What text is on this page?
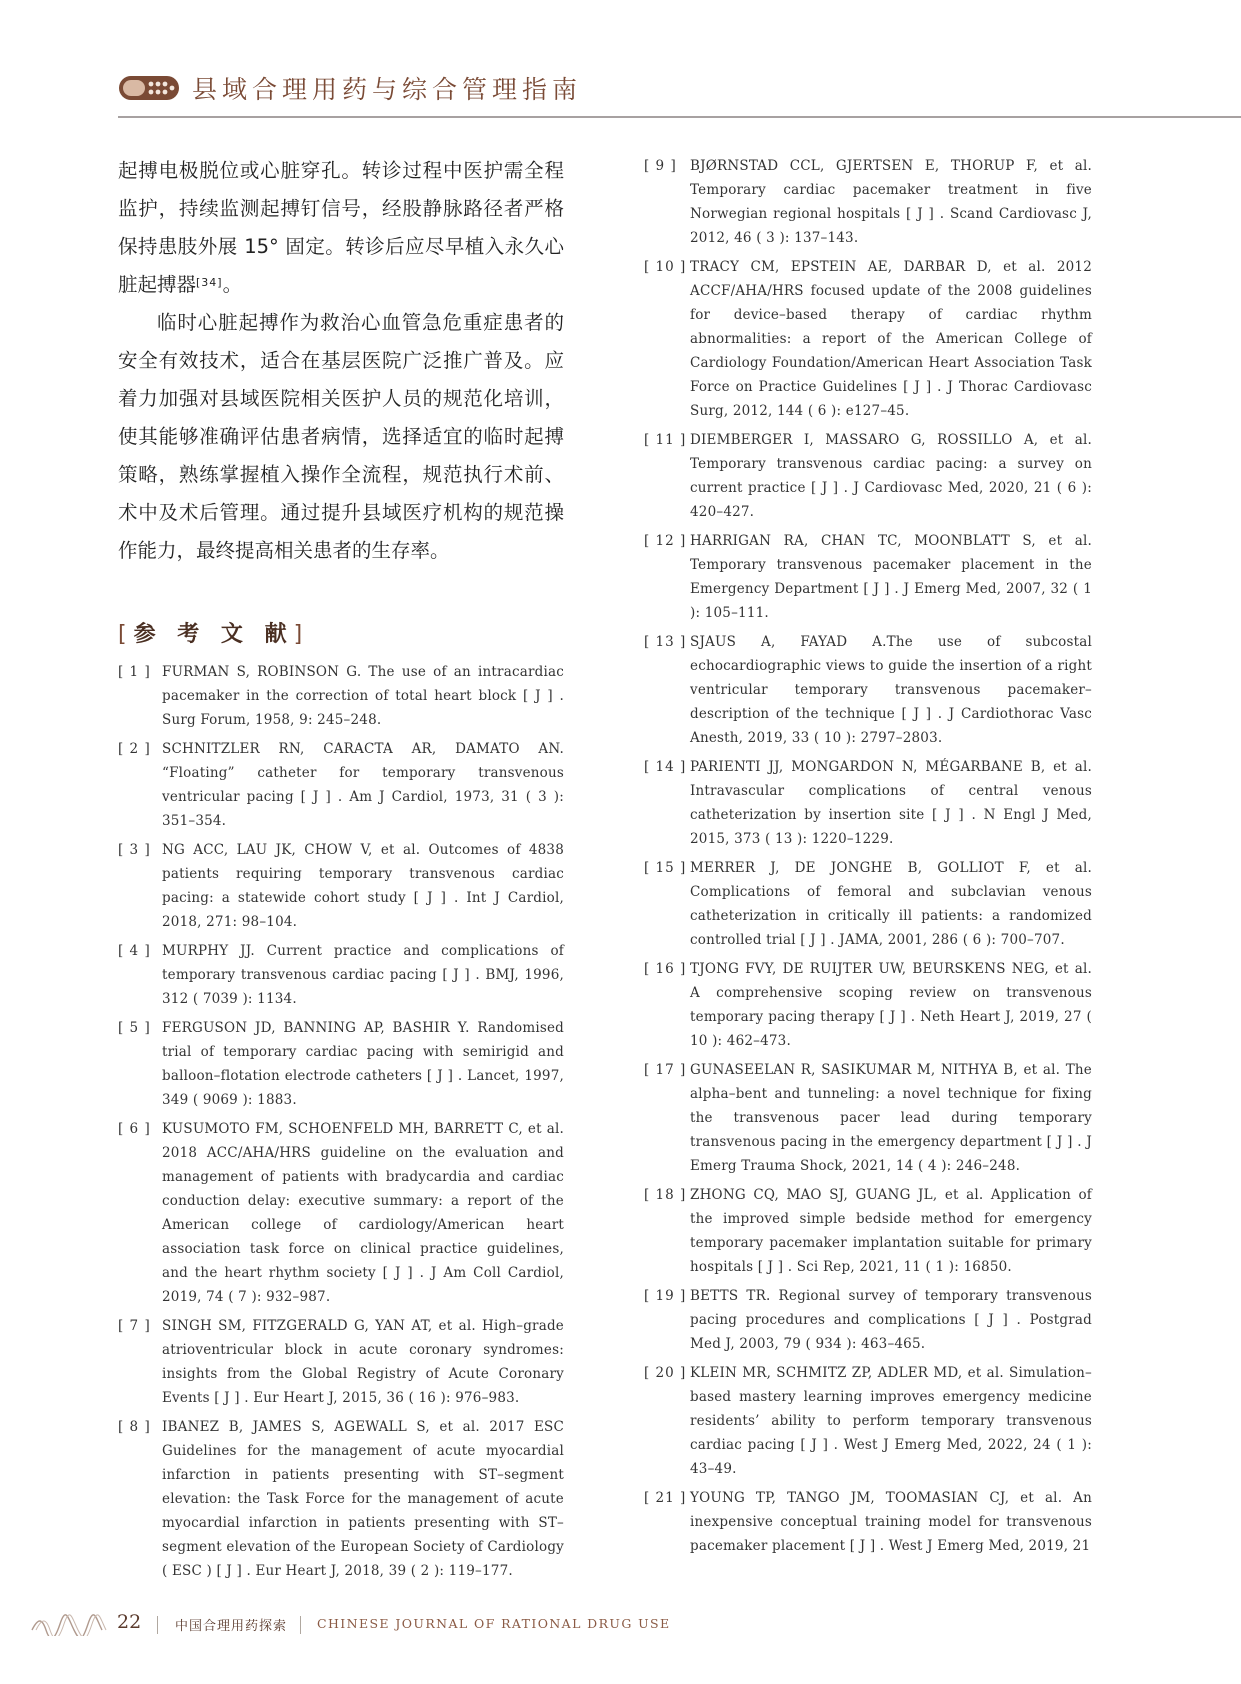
县域合理用药与综合管理指南

起搏电极脱位或心脏穿孔。转诊过程中医护需全程监护，持续监测起搏钉信号，经股静脉路径者严格保持患肢外展 15° 固定。转诊后应尽早植入永久心脏起搏器[34]。

临时心脏起搏作为救治心血管急危重症患者的安全有效技术，适合在基层医院广泛推广普及。应着力加强对县域医院相关医护人员的规范化培训，使其能够准确评估患者病情，选择适宜的临时起搏策略，熟练掌握植入操作全流程，规范执行术前、术中及术后管理。通过提升县域医疗机构的规范操作能力，最终提高相关患者的生存率。

[参 考 文 献]
[ 1 ] FURMAN S, ROBINSON G. The use of an intracardiac pacemaker in the correction of total heart block [ J ] . Surg Forum, 1958, 9: 245–248.

[ 2 ] SCHNITZLER RN, CARACTA AR, DAMATO AN. “Floating” catheter for temporary transvenous ventricular pacing [ J ] . Am J Cardiol, 1973, 31 ( 3 ): 351–354.

[ 3 ] NG ACC, LAU JK, CHOW V, et al. Outcomes of 4838 patients requiring temporary transvenous cardiac pacing: a statewide cohort study [ J ] . Int J Cardiol, 2018, 271: 98–104.

[ 4 ] MURPHY JJ. Current practice and complications of temporary transvenous cardiac pacing [ J ] . BMJ, 1996, 312 ( 7039 ): 1134.

[ 5 ] FERGUSON JD, BANNING AP, BASHIR Y. Randomised trial of temporary cardiac pacing with semirigid and balloon–flotation electrode catheters [ J ] . Lancet, 1997, 349 ( 9069 ): 1883.

[ 6 ] KUSUMOTO FM, SCHOENFELD MH, BARRETT C, et al. 2018 ACC/AHA/HRS guideline on the evaluation and management of patients with bradycardia and cardiac conduction delay: executive summary: a report of the American college of cardiology/American heart association task force on clinical practice guidelines, and the heart rhythm society [ J ] . J Am Coll Cardiol, 2019, 74 ( 7 ): 932–987.

[ 7 ] SINGH SM, FITZGERALD G, YAN AT, et al. High–grade atrioventricular block in acute coronary syndromes: insights from the Global Registry of Acute Coronary Events [ J ] . Eur Heart J, 2015, 36 ( 16 ): 976–983.

[ 8 ] IBANEZ B, JAMES S, AGEWALL S, et al. 2017 ESC Guidelines for the management of acute myocardial infarction in patients presenting with ST–segment elevation: the Task Force for the management of acute myocardial infarction in patients presenting with ST–segment elevation of the European Society of Cardiology ( ESC ) [ J ] . Eur Heart J, 2018, 39 ( 2 ): 119–177.

[ 9 ] BJØRNSTAD CCL, GJERTSEN E, THORUP F, et al. Temporary cardiac pacemaker treatment in five Norwegian regional hospitals [ J ] . Scand Cardiovasc J, 2012, 46 ( 3 ): 137–143.

[ 10 ] TRACY CM, EPSTEIN AE, DARBAR D, et al. 2012 ACCF/AHA/HRS focused update of the 2008 guidelines for device–based therapy of cardiac rhythm abnormalities: a report of the American College of Cardiology Foundation/American Heart Association Task Force on Practice Guidelines [ J ] . J Thorac Cardiovasc Surg, 2012, 144 ( 6 ): e127–45.

[ 11 ] DIEMBERGER I, MASSARO G, ROSSILLO A, et al. Temporary transvenous cardiac pacing: a survey on current practice [ J ] . J Cardiovasc Med, 2020, 21 ( 6 ): 420–427.

[ 12 ] HARRIGAN RA, CHAN TC, MOONBLATT S, et al. Temporary transvenous pacemaker placement in the Emergency Department [ J ] . J Emerg Med, 2007, 32 ( 1 ): 105–111.

[ 13 ] SJAUS A, FAYAD A.The use of subcostal echocardiographic views to guide the insertion of a right ventricular temporary transvenous pacemaker–description of the technique [ J ] . J Cardiothorac Vasc Anesth, 2019, 33 ( 10 ): 2797–2803.

[ 14 ] PARIENTI JJ, MONGARDON N, MÉGARBANE B, et al. Intravascular complications of central venous catheterization by insertion site [ J ] . N Engl J Med, 2015, 373 ( 13 ): 1220–1229.

[ 15 ] MERRER J, DE JONGHE B, GOLLIOT F, et al. Complications of femoral and subclavian venous catheterization in critically ill patients: a randomized controlled trial [ J ] . JAMA, 2001, 286 ( 6 ): 700–707.

[ 16 ] TJONG FVY, DE RUIJTER UW, BEURSKENS NEG, et al. A comprehensive scoping review on transvenous temporary pacing therapy [ J ] . Neth Heart J, 2019, 27 ( 10 ): 462–473.

[ 17 ] GUNASEELAN R, SASIKUMAR M, NITHYA B, et al. The alpha–bent and tunneling: a novel technique for fixing the transvenous pacer lead during temporary transvenous pacing in the emergency department [ J ] . J Emerg Trauma Shock, 2021, 14 ( 4 ): 246–248.

[ 18 ] ZHONG CQ, MAO SJ, GUANG JL, et al. Application of the improved simple bedside method for emergency temporary pacemaker implantation suitable for primary hospitals [ J ] . Sci Rep, 2021, 11 ( 1 ): 16850.

[ 19 ] BETTS TR. Regional survey of temporary transvenous pacing procedures and complications [ J ] . Postgrad Med J, 2003, 79 ( 934 ): 463–465.

[ 20 ] KLEIN MR, SCHMITZ ZP, ADLER MD, et al. Simulation–based mastery learning improves emergency medicine residents’ ability to perform temporary transvenous cardiac pacing [ J ] . West J Emerg Med, 2022, 24 ( 1 ): 43–49.

[ 21 ] YOUNG TP, TANGO JM, TOOMASIAN CJ, et al. An inexpensive conceptual training model for transvenous pacemaker placement [ J ] . West J Emerg Med, 2019, 21

22	中国合理用药探索 CHINESE JOURNAL OF RATIONAL DRUG USE
